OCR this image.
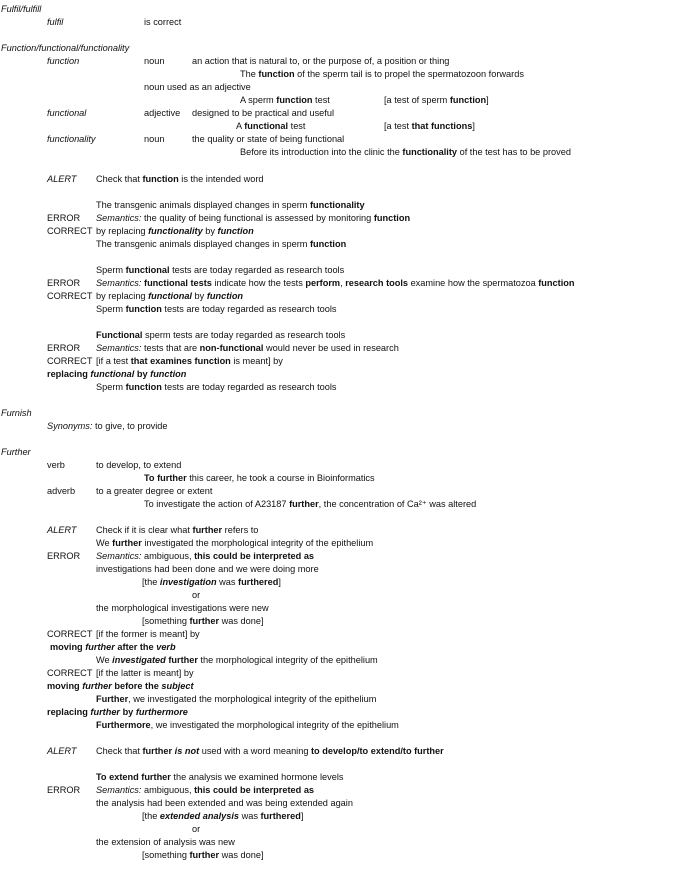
Fulfil/fulfill
fulfil	is correct
Function/functional/functionality
function	noun	an action that is natural to, or the purpose of, a position or thing
The function of the sperm tail is to propel the spermatozoon forwards
noun used as an adjective
A sperm function test	[a test of sperm function]
functional	adjective designed to be practical and useful
A functional test	[a test that functions]
functionality	noun	the quality or state of being functional
Before its introduction into the clinic the functionality of the test has to be proved
ALERT Check that function is the intended word
The transgenic animals displayed changes in sperm functionality
ERROR Semantics: the quality of being functional is assessed by monitoring function
CORRECT by replacing functionality by function
The transgenic animals displayed changes in sperm function
Sperm functional tests are today regarded as research tools
ERROR Semantics: functional tests indicate how the tests perform, research tools examine how the spermatozoa function
CORRECT by replacing functional by function
Sperm function tests are today regarded as research tools
Functional sperm tests are today regarded as research tools
ERROR Semantics: tests that are non-functional would never be used in research
CORRECT [if a test that examines function is meant] by
replacing functional by function
Sperm function tests are today regarded as research tools
Furnish
Synonyms: to give, to provide
Further
verb	to develop, to extend
To further this career, he took a course in Bioinformatics
adverb to a greater degree or extent
To investigate the action of A23187 further, the concentration of Ca²⁺ was altered
ALERT Check if it is clear what further refers to
We further investigated the morphological integrity of the epithelium
ERROR Semantics: ambiguous, this could be interpreted as
investigations had been done and we were doing more
[the investigation was furthered]
or
the morphological investigations were new
[something further was done]
CORRECT [if the former is meant] by
moving further after the verb
We investigated further the morphological integrity of the epithelium
CORRECT [if the latter is meant] by
moving further before the subject
Further, we investigated the morphological integrity of the epithelium
replacing further by furthermore
Furthermore, we investigated the morphological integrity of the epithelium
ALERT Check that further is not used with a word meaning to develop/to extend/to further
To extend further the analysis we examined hormone levels
ERROR Semantics: ambiguous, this could be interpreted as
the analysis had been extended and was being extended again
[the extended analysis was furthered]
or
the extension of analysis was new
[something further was done]
